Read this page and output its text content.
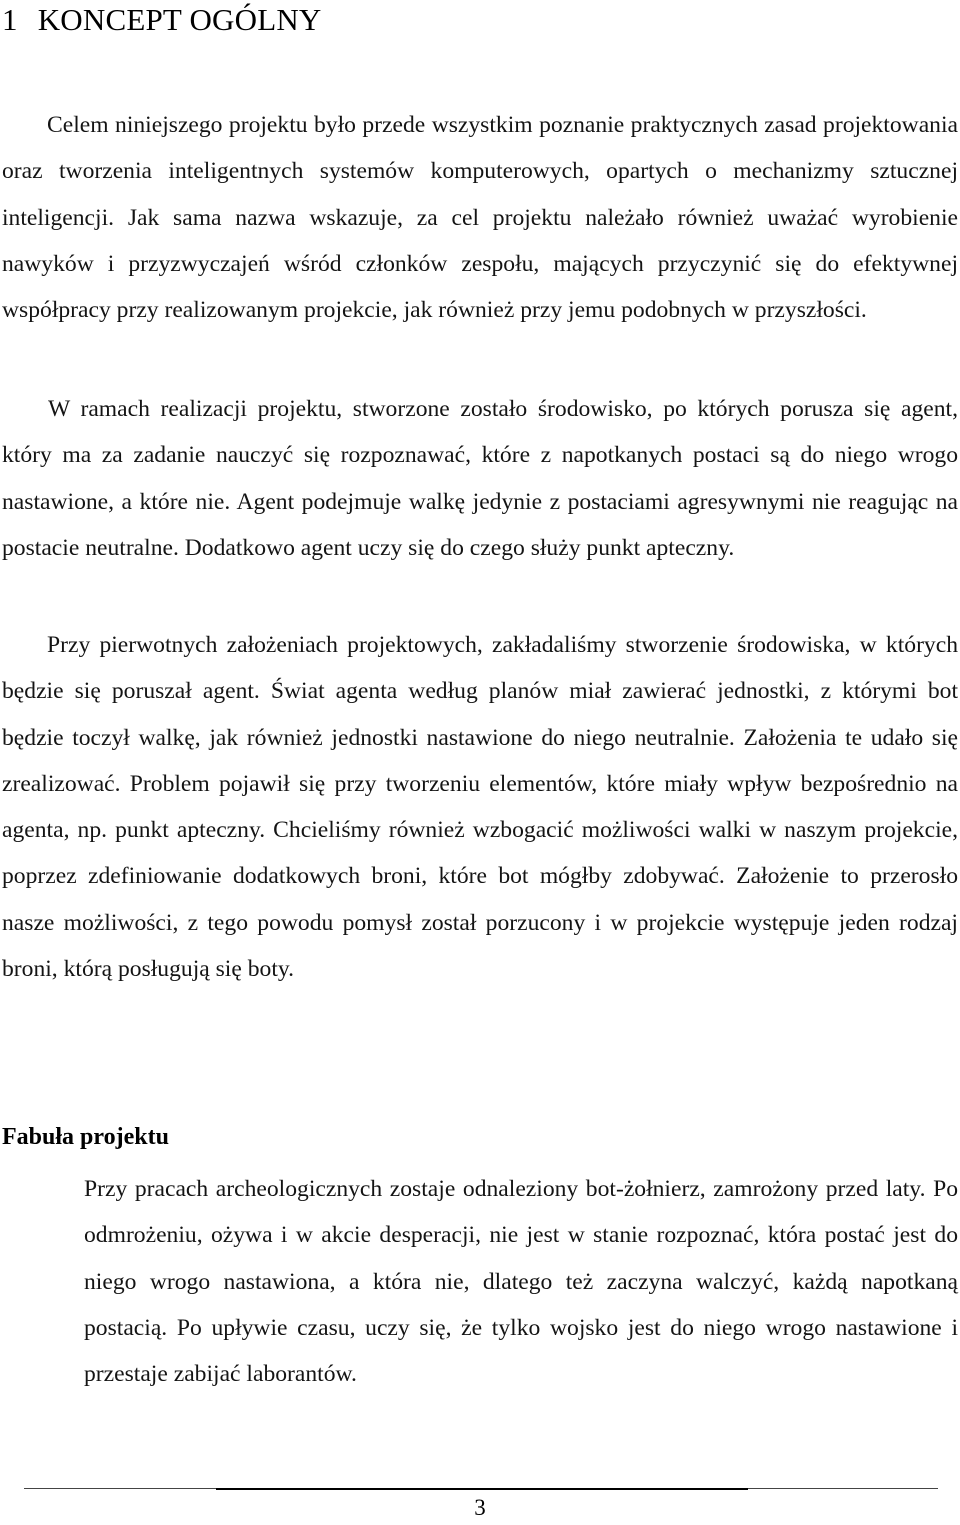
1 KONCEPT OGÓLNY

Celem niniejszego projektu było przede wszystkim poznanie praktycznych zasad projektowania oraz tworzenia inteligentnych systemów komputerowych, opartych o mechanizmy sztucznej inteligencji. Jak sama nazwa wskazuje, za cel projektu należało również uważać wyrobienie nawyków i przyzwyczajeń wśród członków zespołu, mających przyczynić się do efektywnej współpracy przy realizowanym projekcie, jak również przy jemu podobnych w przyszłości.

W ramach realizacji projektu, stworzone zostało środowisko, po których porusza się agent, który ma za zadanie nauczyć się rozpoznawać, które z napotkanych postaci są do niego wrogo nastawione, a które nie. Agent podejmuje walkę jedynie z postaciami agresywnymi nie reagując na postacie neutralne. Dodatkowo agent uczy się do czego służy punkt apteczny.

Przy pierwotnych założeniach projektowych, zakładaliśmy stworzenie środowiska, w których będzie się poruszał agent. Świat agenta według planów miał zawierać jednostki, z którymi bot będzie toczył walkę, jak również jednostki nastawione do niego neutralnie. Założenia te udało się zrealizować. Problem pojawił się przy tworzeniu elementów, które miały wpływ bezpośrednio na agenta, np. punkt apteczny. Chcieliśmy również wzbogacić możliwości walki w naszym projekcie, poprzez zdefiniowanie dodatkowych broni, które bot mógłby zdobywać. Założenie to przerosło nasze możliwości, z tego powodu pomysł został porzucony i w projekcie występuje jeden rodzaj broni, którą posługują się boty.

Fabuła projektu

Przy pracach archeologicznych zostaje odnaleziony bot-żołnierz, zamrożony przed laty. Po odmrożeniu, ożywa i w akcie desperacji, nie jest w stanie rozpoznać, która postać jest do niego wrogo nastawiona, a która nie, dlatego też zaczyna walczyć, każdą napotkaną postacią. Po upływie czasu, uczy się, że tylko wojsko jest do niego wrogo nastawione i przestaje zabijać laborantów.

3
